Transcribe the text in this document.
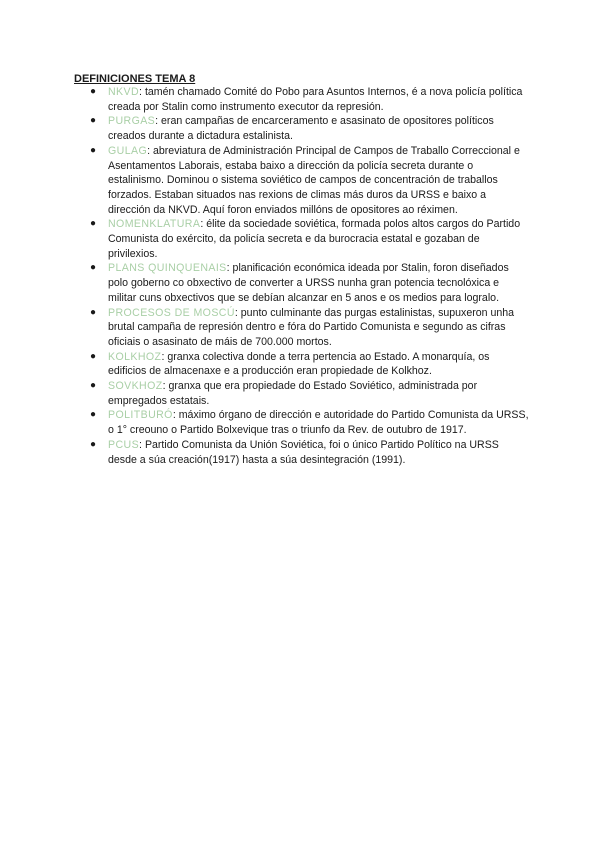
DEFINICIONES TEMA 8
● NKVD: tamén chamado Comité do Pobo para Asuntos Internos, é a nova policía política creada por Stalin como instrumento executor da represión.
● PURGAS: eran campañas de encarceramento e asasinato de opositores políticos creados durante a dictadura estalinista.
● GULAG: abreviatura de Administración Principal de Campos de Traballo Correccional e Asentamentos Laborais, estaba baixo a dirección da policía secreta durante o estalinismo. Dominou o sistema soviético de campos de concentración de traballos forzados. Estaban situados nas rexions de climas más duros da URSS e baixo a dirección da NKVD. Aquí foron enviados millóns de opositores ao réximen.
● NOMENKLATURA: élite da sociedade soviética, formada polos altos cargos do Partido Comunista do exército, da policía secreta e da burocracia estatal e gozaban de privilexios.
● PLANS QUINQUENAIS: planificación económica ideada por Stalin, foron diseñados polo goberno co obxectivo de converter a URSS nunha gran potencia tecnolóxica e militar cuns obxectivos que se debían alcanzar en 5 anos e os medios para logralo.
● PROCESOS DE MOSCÚ: punto culminante das purgas estalinistas, supuxeron unha brutal campaña de represión dentro e fóra do Partido Comunista e segundo as cifras oficiais o asasinato de máis de 700.000 mortos.
● KOLKHOZ: granxa colectiva donde a terra pertencia ao Estado. A monarquía, os edificios de almacenaxe e a producción eran propiedade de Kolkhoz.
● SOVKHOZ: granxa que era propiedade do Estado Soviético, administrada por empregados estatais.
● POLITBURÓ: máximo órgano de dirección e autoridade do Partido Comunista da URSS, o 1° creouno o Partido Bolxevique tras o triunfo da Rev. de outubro de 1917.
● PCUS: Partido Comunista da Unión Soviética, foi o único Partido Político na URSS desde a súa creación(1917) hasta a súa desintegración (1991).
